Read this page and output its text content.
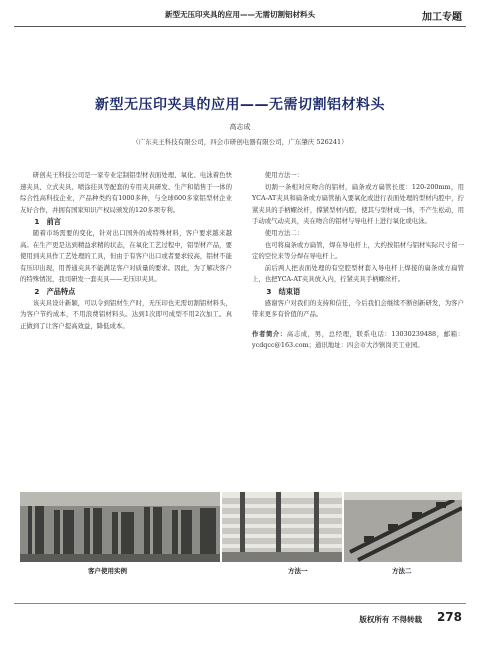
新型无压印夹具的应用——无需切割铝材料头	加工专题
新型无压印夹具的应用——无需切割铝材料头
高志成
（广东夹王科技有限公司，四会市研创电器有限公司，广东肇庆 526241）

研创夹王科技公司是一家专业定制铝型材表面处理、氧化、电泳着色快速夹具、立式夹具、喷涂挂具等配套的专用夹具研发、生产和销售于一体的综合性高科技企业，产品种类约有1000多种，与全球600多家铝型材企业友好合作，并拥有国家知识产权局颁发的120多项专利。

1　前言

随着市场需要的变化，针对出口国外的成特殊材料，客户要求越来越高。在生产更是达到精益求精的状态，在氧化工艺过程中，铝型材产品，要使用到夹具作工艺处理的工具，但由于有客户出口或者要求较高，铝材不能有压印出现，用普通夹具不能满足客户对质量的要求。因此，为了解决客户的特殊情况，我司研发一套夹具——无压印夹具。

2　产品特点

该夹具设计新颖，可以令到铝材生产时，无压印也无需切割铝材料头，为客户节约成本，不用浪费铝材料头。达到1次即可成型不用2次加工。真正做到了让客户提高效益，降低成本。

使用方法一：

切割一条相对应吻合的铝材，扁条或方扁管长度：120-200mm，用YCA-AT夹具和扁条或方扁管插入要氧化或进行表面处理的型材内腔中，拧紧夹具的手柄螺丝杆，撑紧型材内腔，使其与型材成一体，不产生松动，用手动或气动夹具，夹在吻合的铝材与导电杆上进行氧化或电泳。

使用方法二：

也可将扁条或方扁管，焊在导电杆上，大约按铝材与铝材实际尺寸留一定的空位来等分焊在导电杆上。

前后两人把表面处理的有空腔型材套入导电杆上焊接的扁条或方扁管上，也把YCA-AT夹具放入内，拧紧夹具手柄螺丝杆。

3　结束语

感谢客户对我们的支持和信任，今后我们会继续不断创新研发，为客户带来更多有价值的产品。

作者简介：高志成，男，总经理，联系电话：13030239488，邮箱：ycdqcc@163.com；通讯地址：四会市大沙镇岗美工业园。

客户使用实例	方法一	方法二
版权所有 不得转载 278
